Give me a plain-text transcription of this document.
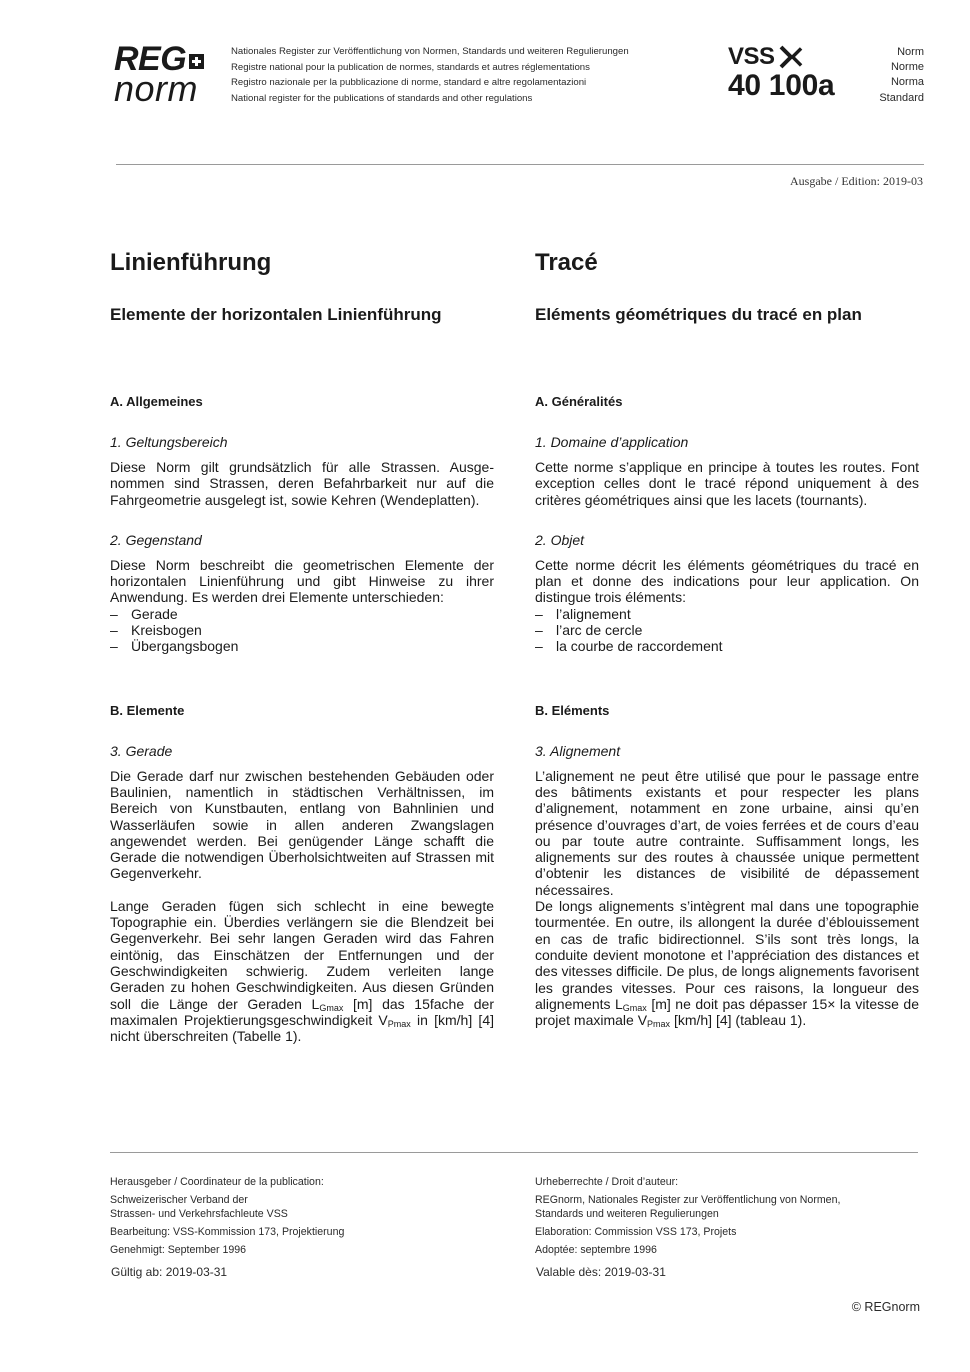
REG
norm
Nationales Register zur Veröffentlichung von Normen, Standards und weiteren Regulierungen
Registre national pour la publication de normes, standards et autres réglementations
Registro nazionale per la pubblicazione di norme, standard e altre regolamentazioni
National register for the publications of standards and other regulations
VSS
40 100a
Norm
Norme
Norma
Standard
Ausgabe / Edition: 2019-03
Linienführung
Elemente der horizontalen Linienführung
A. Allgemeines
1. Geltungsbereich

Diese Norm gilt grundsätzlich für alle Strassen. Ausgenommen sind Strassen, deren Befahrbarkeit nur auf die Fahrgeometrie ausgelegt ist, sowie Kehren (Wendeplatten).

2. Gegenstand

Diese Norm beschreibt die geometrischen Elemente der horizontalen Linienführung und gibt Hinweise zu ihrer Anwendung. Es werden drei Elemente unterschieden:

– Gerade
– Kreisbogen
– Übergangsbogen
B. Elemente
3. Gerade

Die Gerade darf nur zwischen bestehenden Gebäuden oder Baulinien, namentlich in städtischen Verhältnissen, im Bereich von Kunstbauten, entlang von Bahnlinien und Wasserläufen sowie in allen anderen Zwangslagen angewendet werden. Bei genügender Länge schafft die Gerade die notwendigen Überholsichtweiten auf Strassen mit Gegenverkehr.

Lange Geraden fügen sich schlecht in eine bewegte Topographie ein. Überdies verlängern sie die Blendzeit bei Gegenverkehr. Bei sehr langen Geraden wird das Fahren eintönig, das Einschätzen der Entfernungen und der Geschwindigkeiten schwierig. Zudem verleiten lange Geraden zu hohen Geschwindigkeiten. Aus diesen Gründen soll die Länge der Geraden $L_{Gmax}$ [m] das 15fache der maximalen Projektierungsgeschwindigkeit $V_{Pmax}$ in [km/h] [4] nicht überschreiten (Tabelle 1).

Tracé
Eléments géométriques du tracé en plan
A. Généralités
1. Domaine d’application

Cette norme s’applique en principe à toutes les routes. Font exception celles dont le tracé répond uniquement à des critères géométriques ainsi que les lacets (tournants).

2. Objet

Cette norme décrit les éléments géométriques du tracé en plan et donne des indications pour leur application. On distingue trois éléments:

– l’alignement
– l’arc de cercle
– la courbe de raccordement
B. Eléments
3. Alignement

L’alignement ne peut être utilisé que pour le passage entre des bâtiments existants et pour respecter les plans d’alignement, notamment en zone urbaine, ainsi qu’en présence d’ouvrages d’art, de voies ferrées et de cours d’eau ou par toute autre contrainte. Suffisamment longs, les alignements sur des routes à chaussée unique permettent d’obtenir les distances de visibilité de dépassement nécessaires.

De longs alignements s’intègrent mal dans une topographie tourmentée. En outre, ils allongent la durée d’éblouissement en cas de trafic bidirectionnel. S’ils sont très longs, la conduite devient monotone et l’appréciation des distances et des vitesses difficile. De plus, de longs alignements favorisent les grandes vitesses. Pour ces raisons, la longueur des alignements $L_{Gmax}$ [m] ne doit pas dépasser 15× la vitesse de projet maximale $V_{Pmax}$ [km/h] [4] (tableau 1).

Herausgeber / Coordinateur de la publication:
Schweizerischer Verband der
Strassen- und Verkehrsfachleute VSS
Bearbeitung: VSS-Kommission 173, Projektierung
Genehmigt: September 1996
Gültig ab: 2019-03-31
Urheberrechte / Droit d’auteur:
REGnorm, Nationales Register zur Veröffentlichung von Normen,
Standards und weiteren Regulierungen
Elaboration: Commission VSS 173, Projets
Adoptée: septembre 1996
Valable dès: 2019-03-31
© REGnorm
